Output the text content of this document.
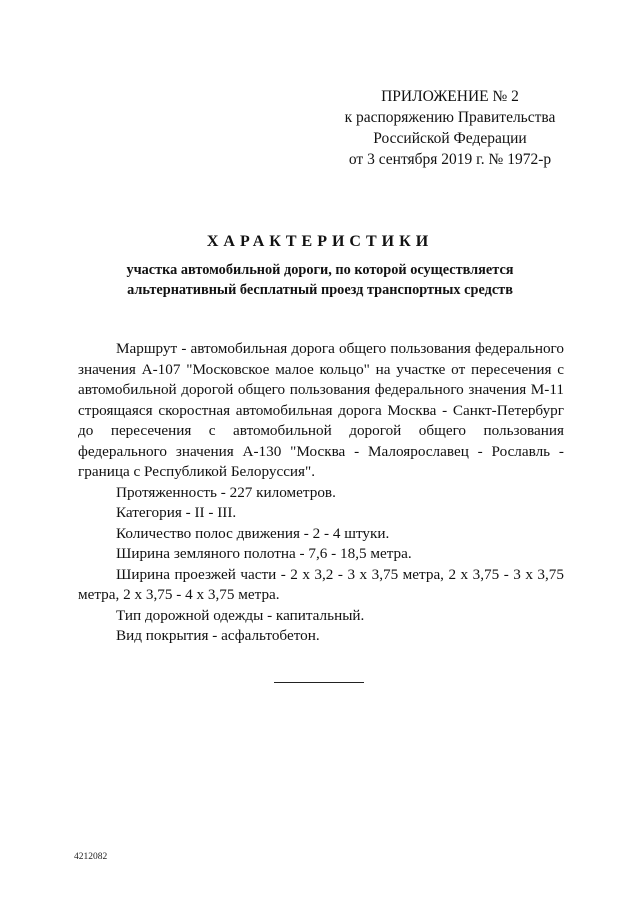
ПРИЛОЖЕНИЕ № 2
к распоряжению Правительства
Российской Федерации
от 3 сентября 2019 г. № 1972-р
ХАРАКТЕРИСТИКИ
участка автомобильной дороги, по которой осуществляется
альтернативный бесплатный проезд транспортных средств

Маршрут - автомобильная дорога общего пользования федерального значения А-107 "Московское малое кольцо" на участке от пересечения с автомобильной дорогой общего пользования федерального значения М-11 строящаяся скоростная автомобильная дорога Москва - Санкт-Петербург до пересечения с автомобильной дорогой общего пользования федерального значения А-130 "Москва - Малоярославец - Рославль - граница с Республикой Белоруссия".

Протяженность - 227 километров.

Категория - II - III.

Количество полос движения - 2 - 4 штуки.

Ширина земляного полотна - 7,6 - 18,5 метра.

Ширина проезжей части - 2 х 3,2 - 3 х 3,75 метра, 2 х 3,75 - 3 х 3,75 метра, 2 х 3,75 - 4 х 3,75 метра.

Тип дорожной одежды - капитальный.

Вид покрытия - асфальтобетон.

4212082
